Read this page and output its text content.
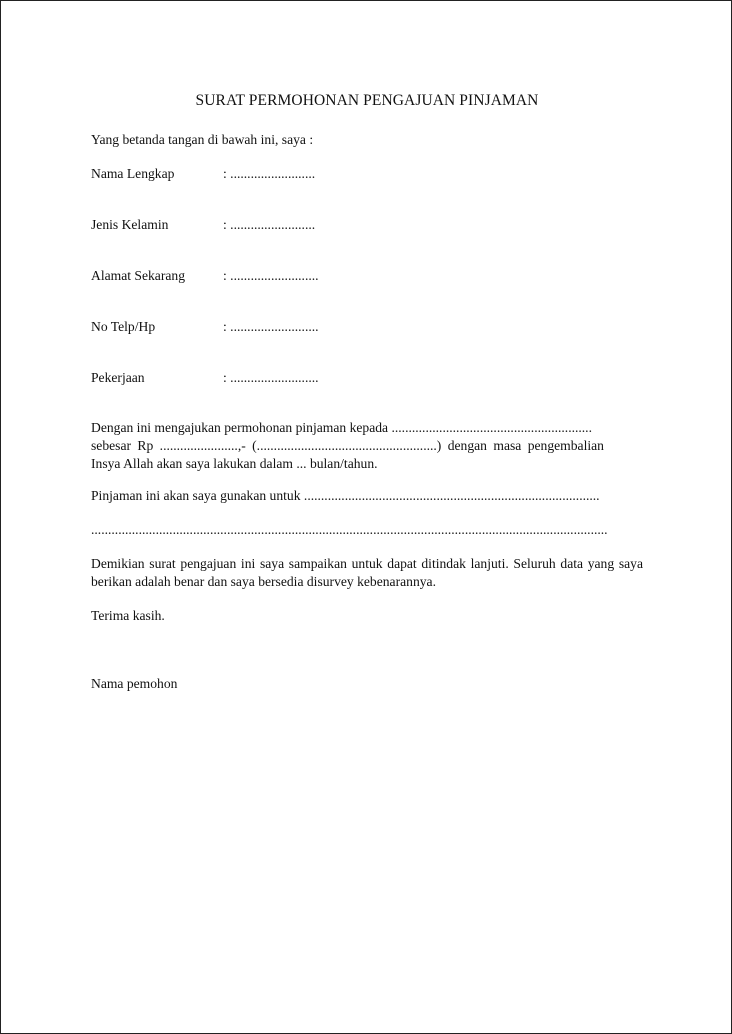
SURAT PERMOHONAN PENGAJUAN PINJAMAN
Yang betanda tangan di bawah ini, saya :
Nama Lengkap	: .........................
Jenis Kelamin	: .........................
Alamat Sekarang	: ..........................
No Telp/Hp	: ..........................
Pekerjaan	: ..........................
Dengan ini mengajukan permohonan pinjaman kepada ...........................................................
sebesar Rp .......................,- (.....................................................) dengan masa pengembalian
Insya Allah akan saya lakukan dalam ... bulan/tahun.
Pinjaman ini akan saya gunakan untuk .......................................................................................
........................................................................................................................................................
Demikian surat pengajuan ini saya sampaikan untuk dapat ditindak lanjuti. Seluruh data yang saya berikan adalah benar dan saya bersedia disurvey kebenarannya.
Terima kasih.
Nama pemohon
